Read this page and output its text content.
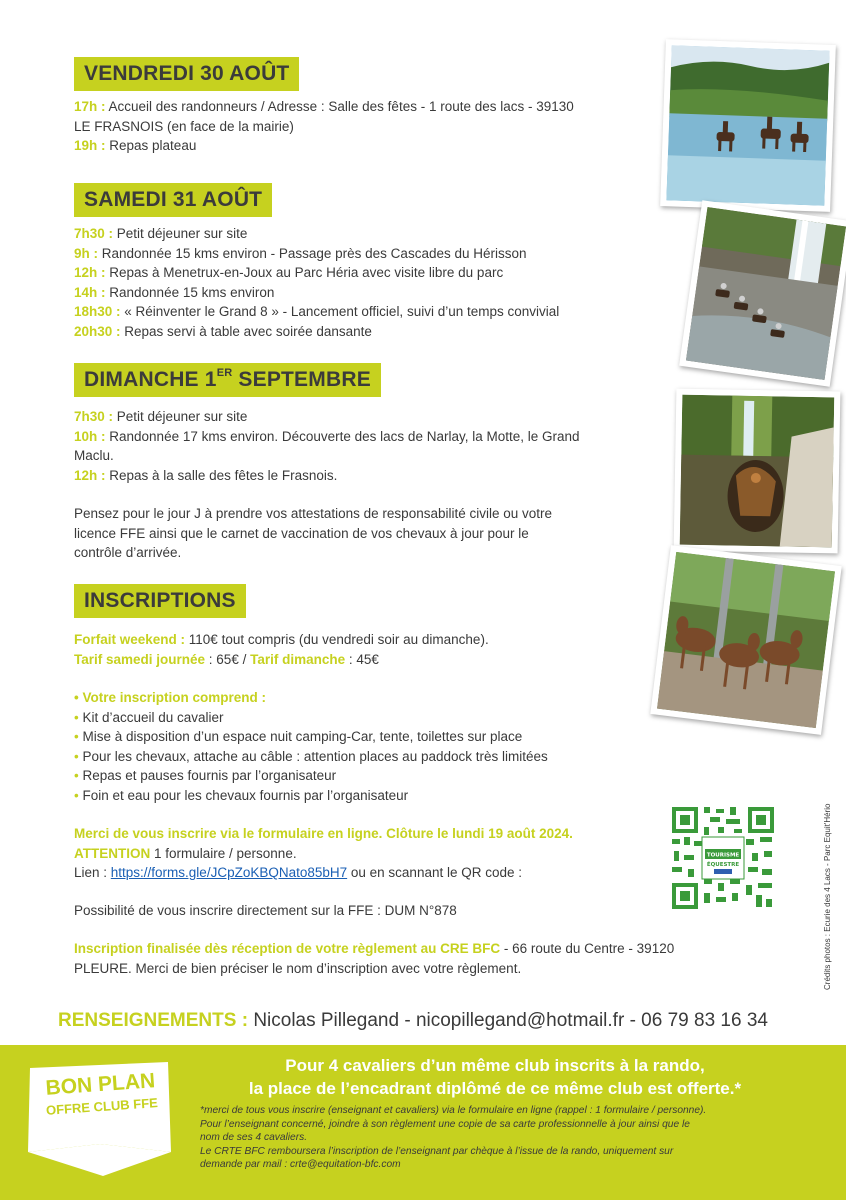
VENDREDI 30 AOÛT
17h : Accueil des randonneurs / Adresse : Salle des fêtes - 1 route des lacs - 39130
LE FRASNOIS (en face de la mairie)
19h : Repas plateau
SAMEDI 31 AOÛT
7h30 : Petit déjeuner sur site
9h : Randonnée 15 kms environ - Passage près des Cascades du Hérisson
12h : Repas à Menetrux-en-Joux au Parc Héria avec visite libre du parc
14h : Randonnée 15 kms environ
18h30 : « Réinventer le Grand 8 » - Lancement officiel, suivi d’un temps convivial
20h30 : Repas servi à table avec soirée dansante
DIMANCHE 1ER SEPTEMBRE
7h30 : Petit déjeuner sur site
10h : Randonnée 17 kms environ. Découverte des lacs de Narlay, la Motte, le Grand
Maclu.
12h : Repas à la salle des fêtes le Frasnois.
Pensez pour le jour J à prendre vos attestations de responsabilité civile ou votre
licence FFE ainsi que le carnet de vaccination de vos chevaux à jour pour le
contrôle d’arrivée.
INSCRIPTIONS
Forfait weekend : 110€ tout compris (du vendredi soir au dimanche).
Tarif samedi journée : 65€ / Tarif dimanche : 45€
• Votre inscription comprend :
• Kit d’accueil du cavalier
• Mise à disposition d’un espace nuit camping-Car, tente, toilettes sur place
• Pour les chevaux, attache au câble : attention places au paddock très limitées
• Repas et pauses fournis par l’organisateur
• Foin et eau pour les chevaux fournis par l’organisateur
Merci de vous inscrire via le formulaire en ligne. Clôture le lundi 19 août 2024.
ATTENTION 1 formulaire / personne.
Lien : https://forms.gle/JCpZoKBQNato85bH7 ou en scannant le QR code :
Possibilité de vous inscrire directement sur la FFE : DUM N°878
Inscription finalisée dès réception de votre règlement au CRE BFC - 66 route du Centre - 39120
PLEURE. Merci de bien préciser le nom d’inscription avec votre règlement.
TOURISME
ÉQUESTRE	Crédits photos : Ecurie des 4 Lacs - Parc Equit'Hério
RENSEIGNEMENTS : Nicolas Pillegand - nicopillegand@hotmail.fr - 06 79 83 16 34
BON PLAN
OFFRE CLUB FFE
Pour 4 cavaliers d’un même club inscrits à la rando,
la place de l’encadrant diplômé de ce même club est offerte.*
*merci de tous vous inscrire (enseignant et cavaliers) via le formulaire en ligne (rappel : 1 formulaire / personne).
Pour l’enseignant concerné, joindre à son règlement une copie de sa carte professionnelle à jour ainsi que le
nom de ses 4 cavaliers.
Le CRTE BFC remboursera l’inscription de l’enseignant par chèque à l’issue de la rando, uniquement sur
demande par mail : crte@equitation-bfc.com
